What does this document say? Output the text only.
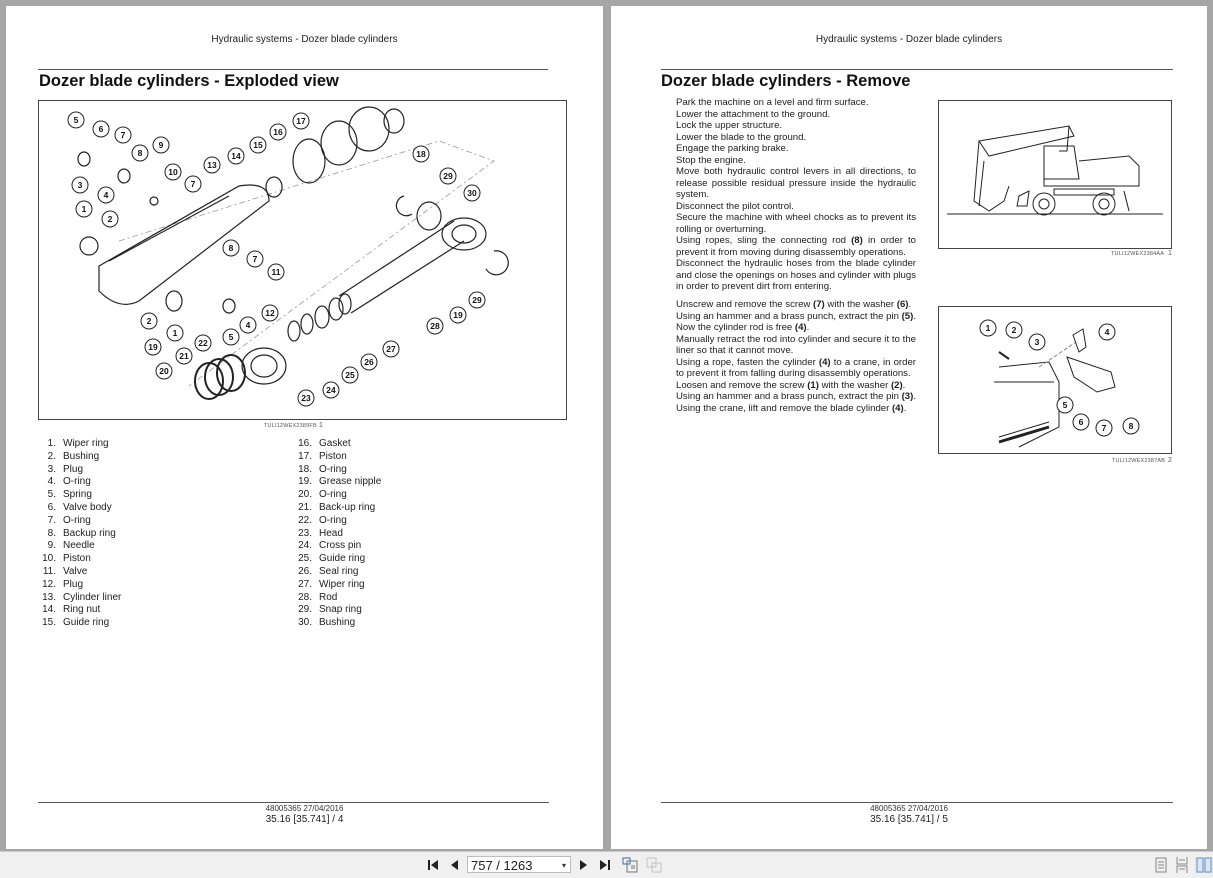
Hydraulic systems - Dozer blade cylinders
Dozer blade cylinders - Exploded view
5
6
7
9
8
10
7
13
3
4
1
2
14
15
16
17
18
29
30
8
7
11
12
4
5
22
1
19
21
20
23
24
25
26
27
28
19
29
2
TULI12WEX2389FB 1
1. Wiper ring
2. Bushing
3. Plug
4. O-ring
5. Spring
6. Valve body
7. O-ring
8. Backup ring
9. Needle
10. Piston
11. Valve
12. Plug
13. Cylinder liner
14. Ring nut
15. Guide ring
16. Gasket
17. Piston
18. O-ring
19. Grease nipple
20. O-ring
21. Back-up ring
22. O-ring
23. Head
24. Cross pin
25. Guide ring
26. Seal ring
27. Wiper ring
28. Rod
29. Snap ring
30. Bushing
48005365 27/04/2016
35.16 [35.741] / 4
Hydraulic systems - Dozer blade cylinders
Dozer blade cylinders - Remove

Park the machine on a level and firm surface.

Lower the attachment to the ground.

Lock the upper structure.

Lower the blade to the ground.

Engage the parking brake.

Stop the engine.

Move both hydraulic control levers in all directions, to release possible residual pressure inside the hydraulic system.

Disconnect the pilot control.

Secure the machine with wheel chocks as to prevent its rolling or overturning.

Using ropes, sling the connecting rod (8) in order to prevent it from moving during disassembly operations.

Disconnect the hydraulic hoses from the blade cylinder and close the openings on hoses and cylinder with plugs in order to prevent dirt from entering.

Unscrew and remove the screw (7) with the washer (6).

Using an hammer and a brass punch, extract the pin (5).

Now the cylinder rod is free (4).

Manually retract the rod into cylinder and secure it to the liner so that it cannot move.

Using a rope, fasten the cylinder (4) to a crane, in order to prevent it from falling during disassembly operations.

Loosen and remove the screw (1) with the washer (2).

Using an hammer and a brass punch, extract the pin (3).

Using the crane, lift and remove the blade cylinder (4).

TULI12WEX2384AA 1
1	2
3
4
5
6
7	8
TULI12WEX2387AB 2
48005365 27/04/2016
35.16 [35.741] / 5
757 / 1263	▾
